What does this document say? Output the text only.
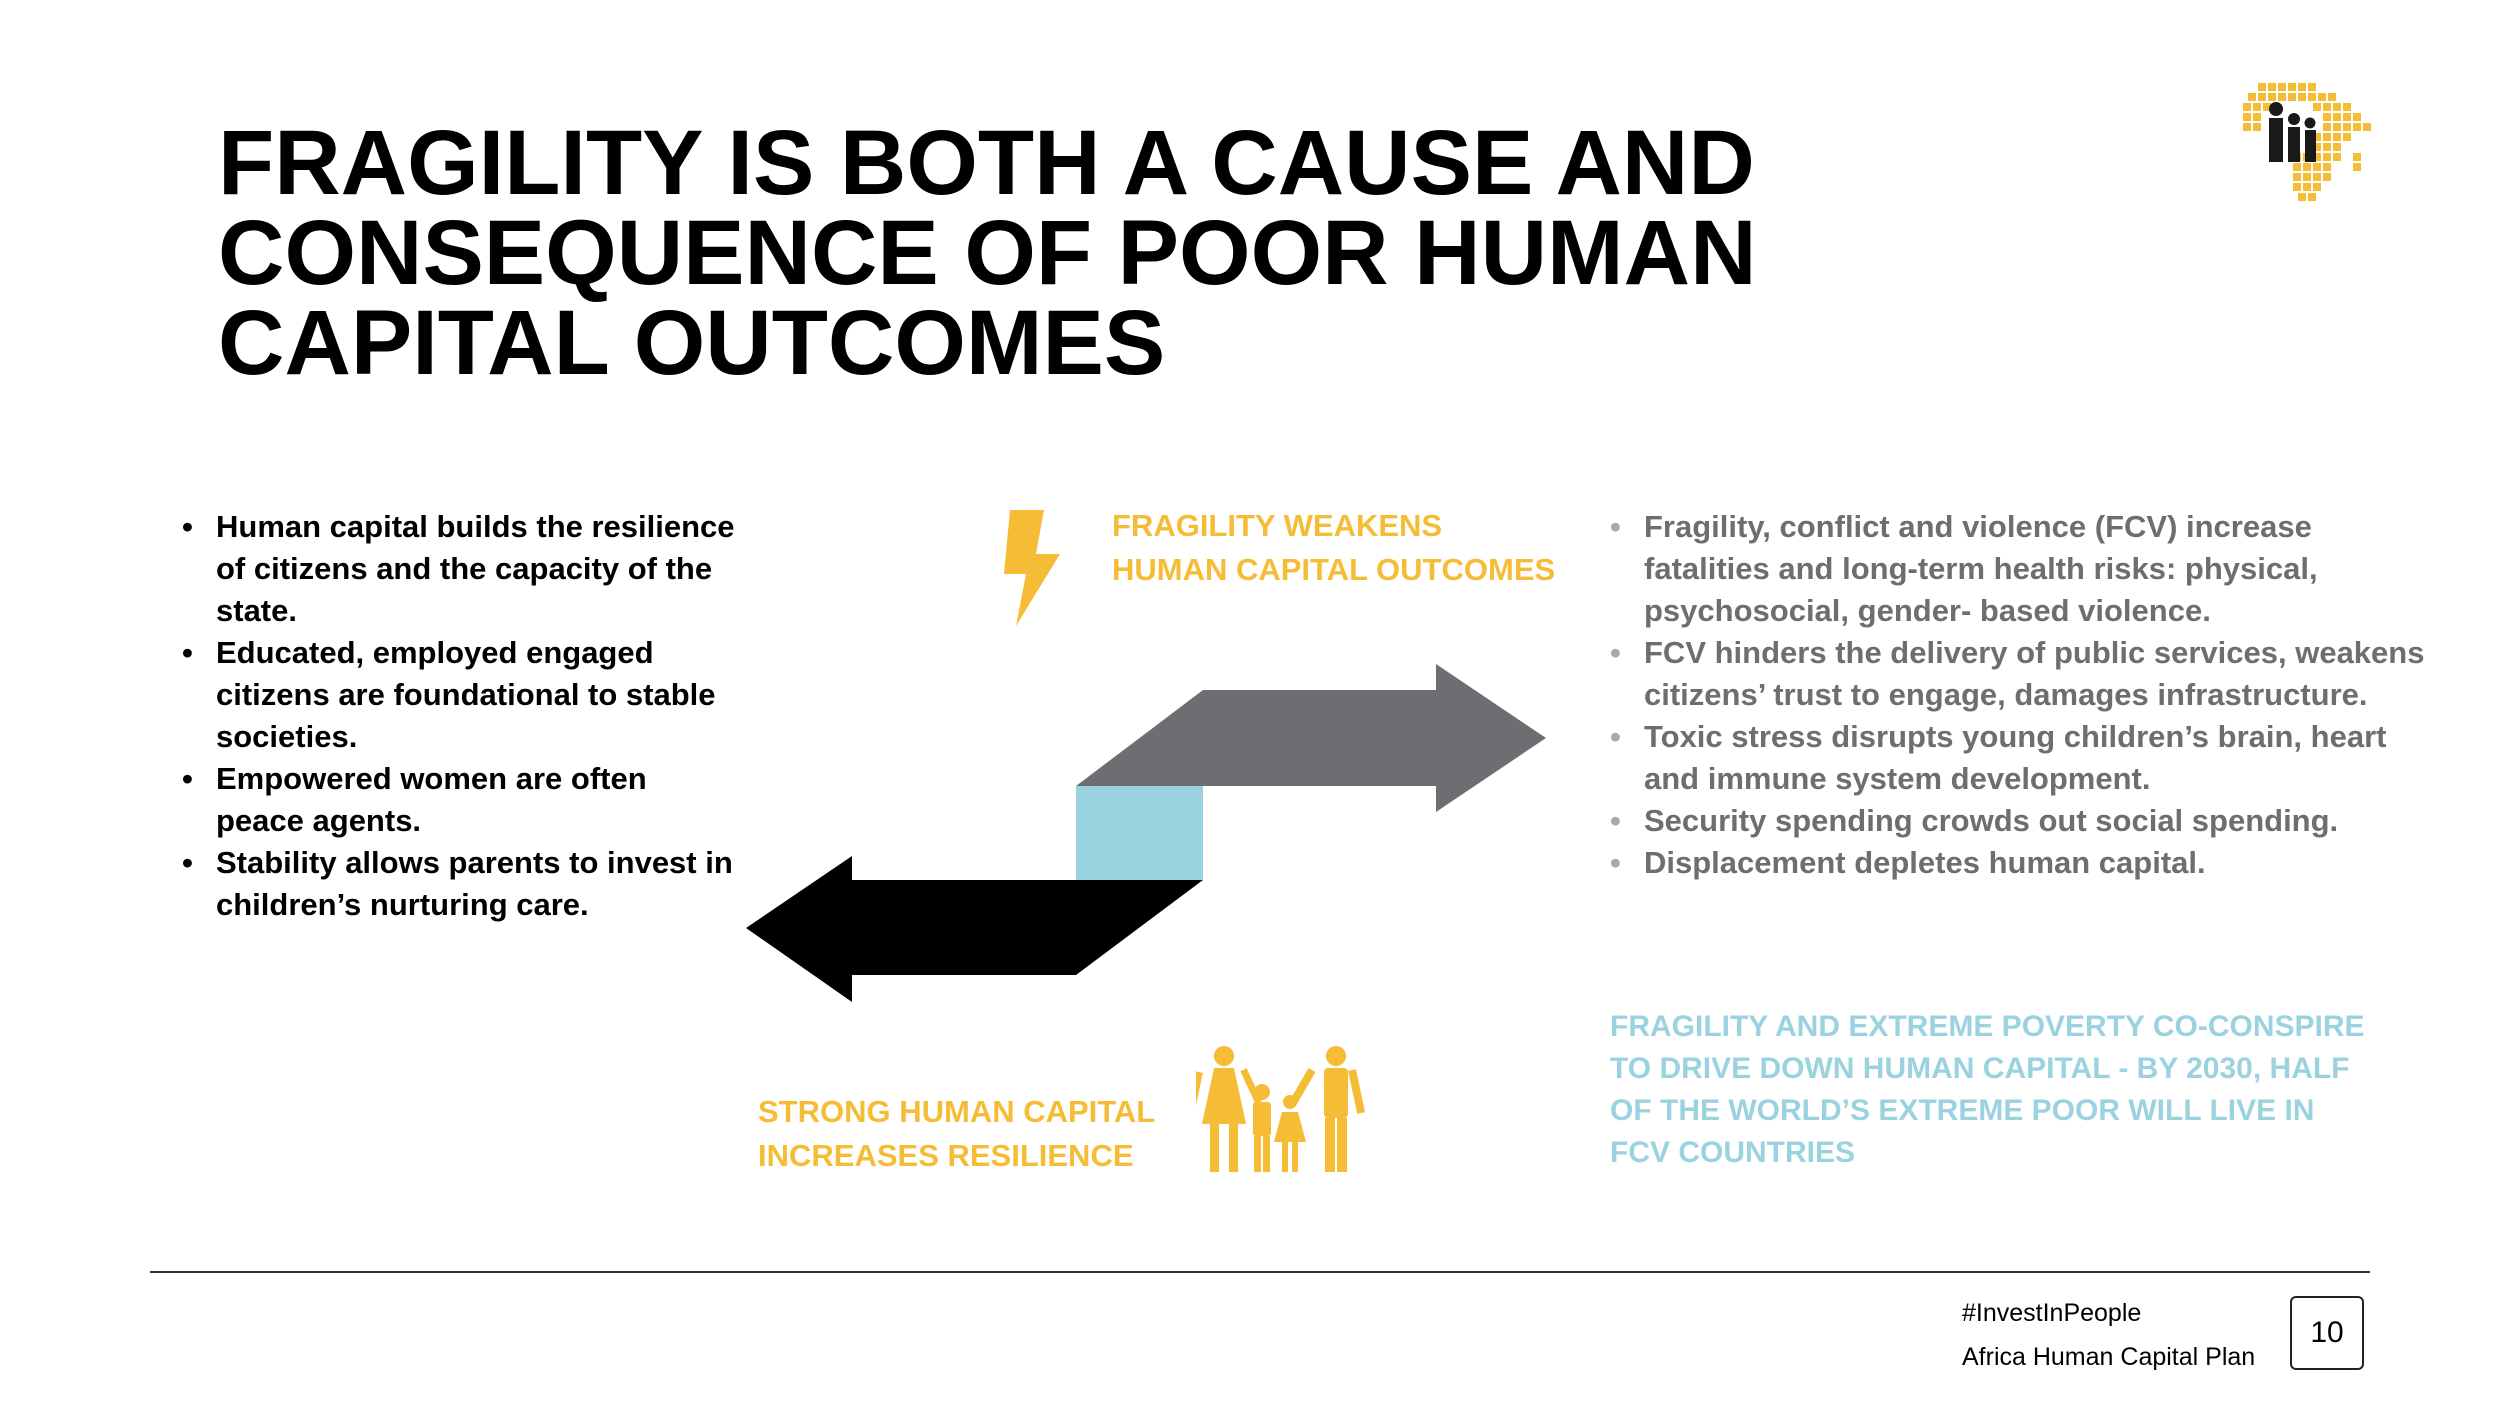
FRAGILITY IS BOTH A CAUSE AND
CONSEQUENCE OF POOR HUMAN
CAPITAL OUTCOMES
• Human capital builds the resilience of citizens and the capacity of the state.
• Educated, employed engaged citizens are foundational to stable societies.
• Empowered women are often peace agents.
• Stability allows parents to invest in children’s nurturing care.
FRAGILITY WEAKENS
HUMAN CAPITAL OUTCOMES
STRONG HUMAN CAPITAL
INCREASES RESILIENCE
• Fragility, conflict and violence (FCV) increase fatalities and long-term health risks: physical, psychosocial, gender- based violence.
• FCV hinders the delivery of public services, weakens citizens’ trust to engage, damages infrastructure.
• Toxic stress disrupts young children’s brain, heart and immune system development.
• Security spending crowds out social spending.
• Displacement depletes human capital.
FRAGILITY AND EXTREME POVERTY CO-CONSPIRE
TO DRIVE DOWN HUMAN CAPITAL - BY 2030, HALF
OF THE WORLD’S EXTREME POOR WILL LIVE IN
FCV COUNTRIES
#InvestInPeople
Africa Human Capital Plan
10
